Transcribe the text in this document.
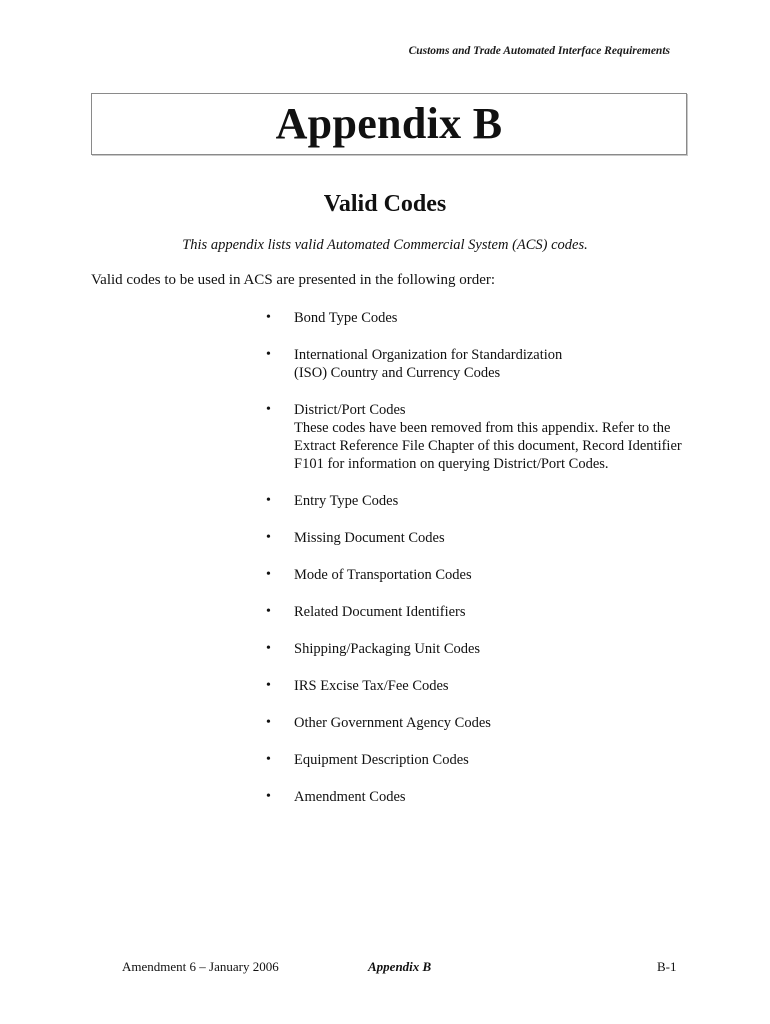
Customs and Trade Automated Interface Requirements
Appendix B
Valid Codes

This appendix lists valid Automated Commercial System (ACS) codes.

Valid codes to be used in ACS are presented in the following order:

• Bond Type Codes
• International Organization for Standardization
(ISO) Country and Currency Codes
• District/Port Codes
These codes have been removed from this appendix. Refer to the Extract Reference File Chapter of this document, Record Identifier F101 for information on querying District/Port Codes.
• Entry Type Codes
• Missing Document Codes
• Mode of Transportation Codes
• Related Document Identifiers
• Shipping/Packaging Unit Codes
• IRS Excise Tax/Fee Codes
• Other Government Agency Codes
• Equipment Description Codes
• Amendment Codes
Amendment 6 – January 2006	Appendix B	B-1
